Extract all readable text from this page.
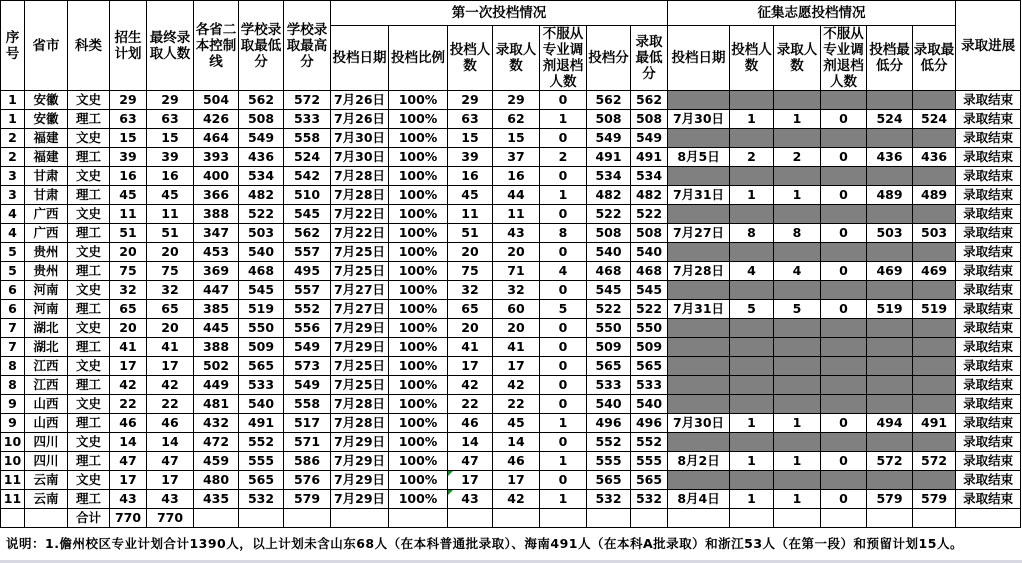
序号	省市	科类	招生计划	最终录取人数	各省二本控制线	学校录取最低分	学校录取最高分	第一次投档情况							征集志愿投档情况						录取进展
								投档日期	投档比例	投档人数	录取人数	不服从专业调剂退档人数	投档分	录取最低分	投档日期	投档人数	录取人数	不服从专业调剂退档人数	投档最低分	录取最低分	
1	安徽	文史	29	29	504	562	572	7月26日	100%	29	29	0	562	562							录取结束
1	安徽	理工	63	63	426	508	533	7月26日	100%	63	62	1	508	508	7月30日	1	1	0	524	524	录取结束
2	福建	文史	15	15	464	549	558	7月30日	100%	15	15	0	549	549							录取结束
2	福建	理工	39	39	393	436	524	7月30日	100%	39	37	2	491	491	8月5日	2	2	0	436	436	录取结束
3	甘肃	文史	16	16	400	534	542	7月28日	100%	16	16	0	534	534							录取结束
3	甘肃	理工	45	45	366	482	510	7月28日	100%	45	44	1	482	482	7月31日	1	1	0	489	489	录取结束
4	广西	文史	11	11	388	522	545	7月22日	100%	11	11	0	522	522							录取结束
4	广西	理工	51	51	347	503	562	7月22日	100%	51	43	8	508	508	7月27日	8	8	0	503	503	录取结束
5	贵州	文史	20	20	453	540	557	7月25日	100%	20	20	0	540	540							录取结束
5	贵州	理工	75	75	369	468	495	7月25日	100%	75	71	4	468	468	7月28日	4	4	0	469	469	录取结束
6	河南	文史	32	32	447	545	557	7月27日	100%	32	32	0	545	545							录取结束
6	河南	理工	65	65	385	519	552	7月27日	100%	65	60	5	522	522	7月31日	5	5	0	519	519	录取结束
7	湖北	文史	20	20	445	550	556	7月29日	100%	20	20	0	550	550							录取结束
7	湖北	理工	41	41	388	509	549	7月29日	100%	41	41	0	509	509							录取结束
8	江西	文史	17	17	502	565	573	7月25日	100%	17	17	0	565	565							录取结束
8	江西	理工	42	42	449	533	549	7月25日	100%	42	42	0	533	533							录取结束
9	山西	文史	22	22	481	540	558	7月28日	100%	22	22	0	540	540							录取结束
9	山西	理工	46	46	432	491	517	7月28日	100%	46	45	1	496	496	7月30日	1	1	0	494	491	录取结束
10	四川	文史	14	14	472	552	571	7月29日	100%	14	14	0	552	552							录取结束
10	四川	理工	47	47	459	555	586	7月29日	100%	47	46	1	555	555	8月2日	1	1	0	572	572	录取结束
11	云南	文史	17	17	480	565	576	7月29日	100%	17	17	0	565	565							录取结束
11	云南	理工	43	43	435	532	579	7月29日	100%	43	42	1	532	532	8月4日	1	1	0	579	579	录取结束
		合计	770	770																	
说明：1.儋州校区专业计划合计1390人，以上计划未含山东68人（在本科普通批录取）、海南491人（在本科A批录取）和浙江53人（在第一段）和预留计划15人。
